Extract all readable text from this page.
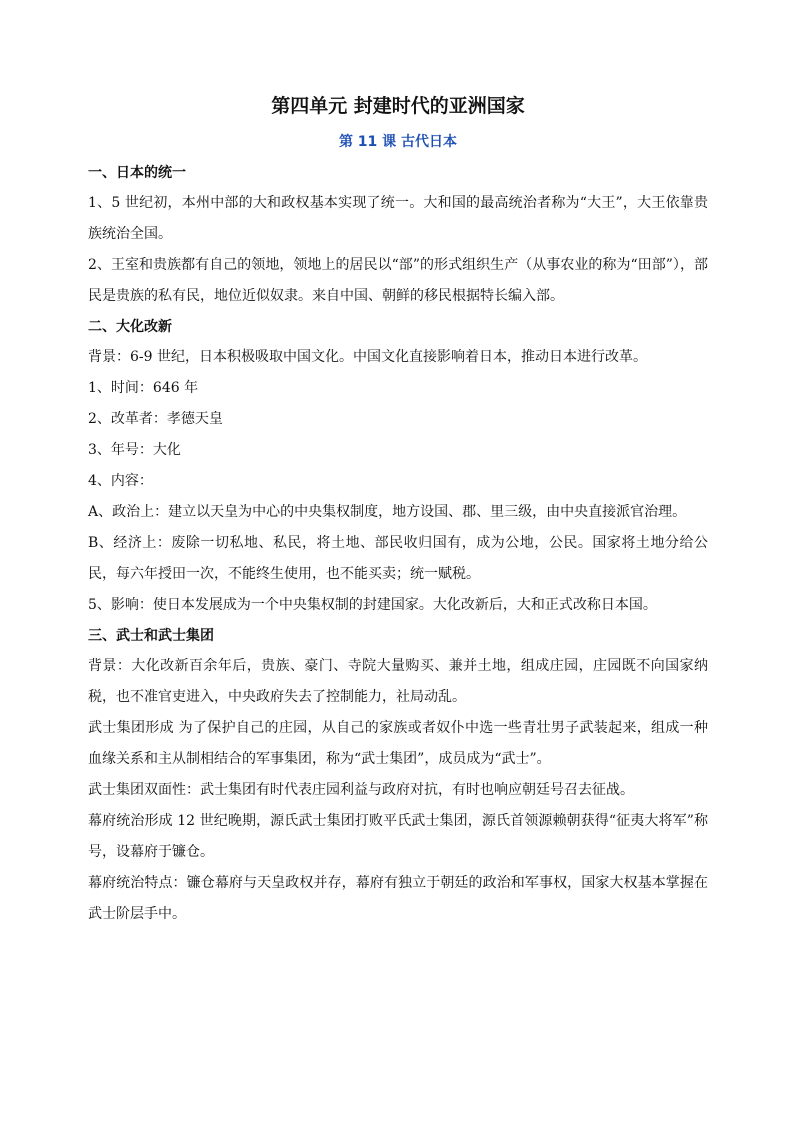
第四单元 封建时代的亚洲国家
第 11 课 古代日本

一、日本的统一

1、5 世纪初，本州中部的大和政权基本实现了统一。大和国的最高统治者称为“大王”，大王依靠贵族统治全国。

2、王室和贵族都有自己的领地，领地上的居民以“部”的形式组织生产（从事农业的称为“田部”），部民是贵族的私有民，地位近似奴隶。来自中国、朝鲜的移民根据特长编入部。

二、大化改新

背景：6-9 世纪，日本积极吸取中国文化。中国文化直接影响着日本，推动日本进行改革。

1、时间：646 年

2、改革者：孝德天皇

3、年号：大化

4、内容：

A、政治上：建立以天皇为中心的中央集权制度，地方设国、郡、里三级，由中央直接派官治理。

B、经济上：废除一切私地、私民，将土地、部民收归国有，成为公地，公民。国家将土地分给公民，每六年授田一次，不能终生使用，也不能买卖；统一赋税。

5、影响：使日本发展成为一个中央集权制的封建国家。大化改新后，大和正式改称日本国。

三、武士和武士集团

背景：大化改新百余年后，贵族、豪门、寺院大量购买、兼并土地，组成庄园，庄园既不向国家纳税，也不准官吏进入，中央政府失去了控制能力，社局动乱。

武士集团形成 为了保护自己的庄园，从自己的家族或者奴仆中选一些青壮男子武装起来，组成一种血缘关系和主从制相结合的军事集团，称为“武士集团”，成员成为“武士”。

武士集团双面性：武士集团有时代表庄园利益与政府对抗，有时也响应朝廷号召去征战。

幕府统治形成 12 世纪晚期，源氏武士集团打败平氏武士集团，源氏首领源赖朝获得“征夷大将军”称号，设幕府于镰仓。

幕府统治特点：镰仓幕府与天皇政权并存，幕府有独立于朝廷的政治和军事权，国家大权基本掌握在武士阶层手中。
